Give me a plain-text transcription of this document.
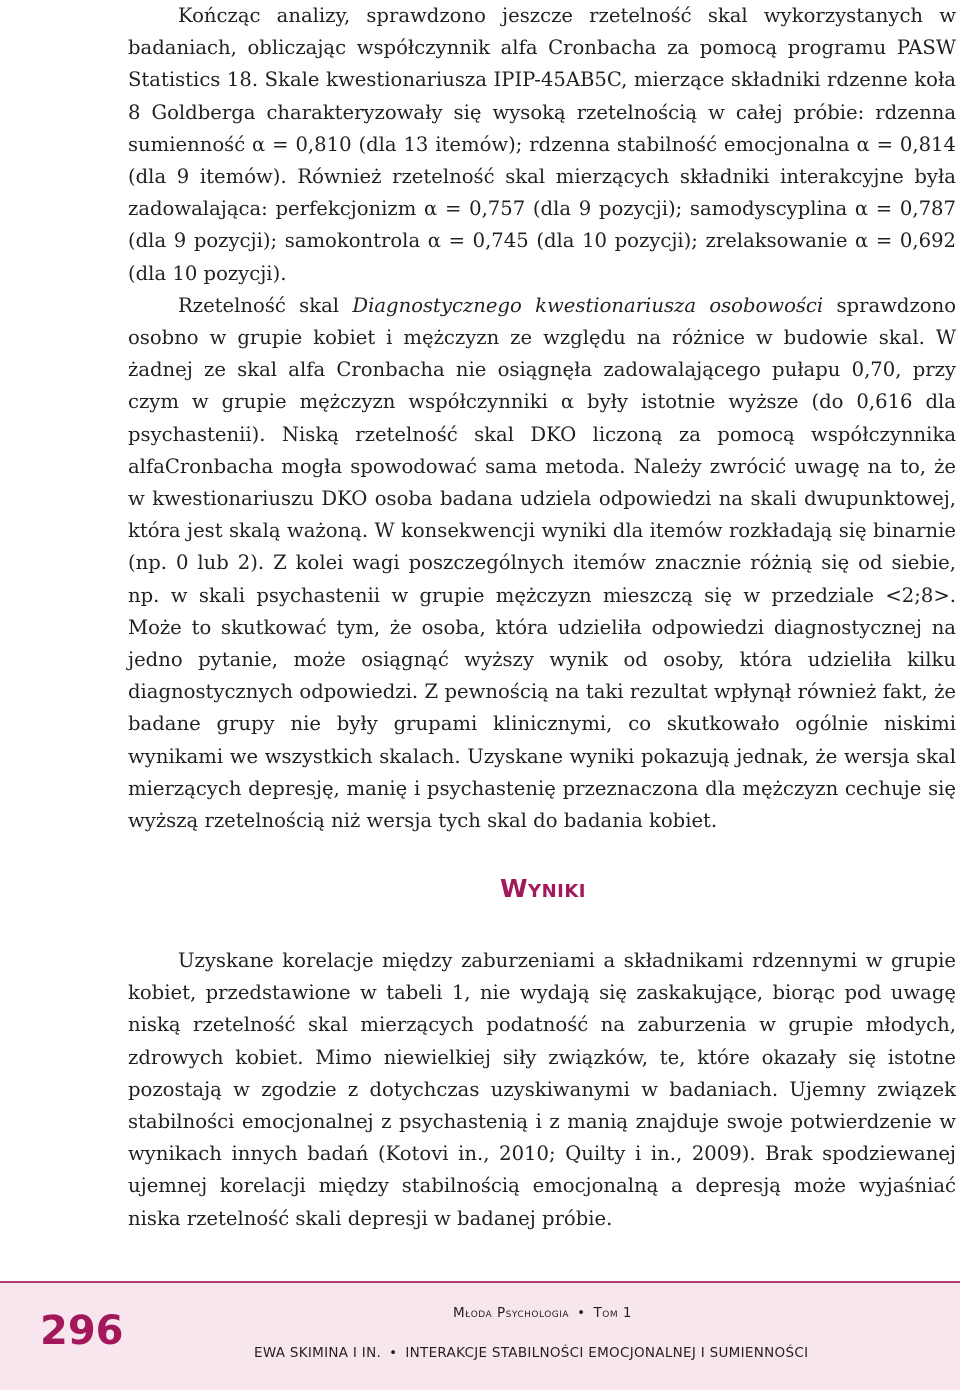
Kończąc analizy, sprawdzono jeszcze rzetelność skal wykorzystanych w badaniach, obliczając współczynnik alfa Cronbacha za pomocą programu PASW Statistics 18. Skale kwestionariusza IPIP-45AB5C, mierzące składniki rdzenne koła 8 Goldberga charakteryzowały się wysoką rzetelnością w całej próbie: rdzenna sumienność α = 0,810 (dla 13 itemów); rdzenna stabilność emocjonalna α = 0,814 (dla 9 itemów). Również rzetelność skal mierzących składniki interakcyjne była zadowalająca: perfekcjonizm α = 0,757 (dla 9 pozycji); samodyscyplina α = 0,787 (dla 9 pozycji); samokontrola α = 0,745 (dla 10 pozycji); zrelaksowanie α = 0,692 (dla 10 pozycji).

Rzetelność skal Diagnostycznego kwestionariusza osobowości sprawdzono osobno w grupie kobiet i mężczyzn ze względu na różnice w budowie skal. W żadnej ze skal alfa Cronbacha nie osiągnęła zadowalającego pułapu 0,70, przy czym w grupie mężczyzn współczynniki α były istotnie wyższe (do 0,616 dla psychastenii). Niską rzetelność skal DKO liczoną za pomocą współczynnika alfaCronbacha mogła spowodować sama metoda. Należy zwrócić uwagę na to, że w kwestionariuszu DKO osoba badana udziela odpowiedzi na skali dwupunktowej, która jest skalą ważoną. W konsekwencji wyniki dla itemów rozkładają się binarnie (np. 0 lub 2). Z kolei wagi poszczególnych itemów znacznie różnią się od siebie, np. w skali psychastenii w grupie mężczyzn mieszczą się w przedziale <2;8>. Może to skutkować tym, że osoba, która udzieliła odpowiedzi diagnostycznej na jedno pytanie, może osiągnąć wyższy wynik od osoby, która udzieliła kilku diagnostycznych odpowiedzi. Z pewnością na taki rezultat wpłynął również fakt, że badane grupy nie były grupami klinicznymi, co skutkowało ogólnie niskimi wynikami we wszystkich skalach. Uzyskane wyniki pokazują jednak, że wersja skal mierzących depresję, manię i psychastenię przeznaczona dla mężczyzn cechuje się wyższą rzetelnością niż wersja tych skal do badania kobiet.

Wyniki

Uzyskane korelacje między zaburzeniami a składnikami rdzennymi w grupie kobiet, przedstawione w tabeli 1, nie wydają się zaskakujące, biorąc pod uwagę niską rzetelność skal mierzących podatność na zaburzenia w grupie młodych, zdrowych kobiet. Mimo niewielkiej siły związków, te, które okazały się istotne pozostają w zgodzie z dotychczas uzyskiwanymi w badaniach. Ujemny związek stabilności emocjonalnej z psychastenią i z manią znajduje swoje potwierdzenie w wynikach innych badań (Kotovi in., 2010; Quilty i in., 2009). Brak spodziewanej ujemnej korelacji między stabilnością emocjonalną a depresją może wyjaśniać niska rzetelność skali depresji w badanej próbie.

296	Młoda Psychologia • Tom 1
EWA SKIMINA I IN. • INTERAKCJE STABILNOŚCI EMOCJONALNEJ I SUMIENNOŚCI
